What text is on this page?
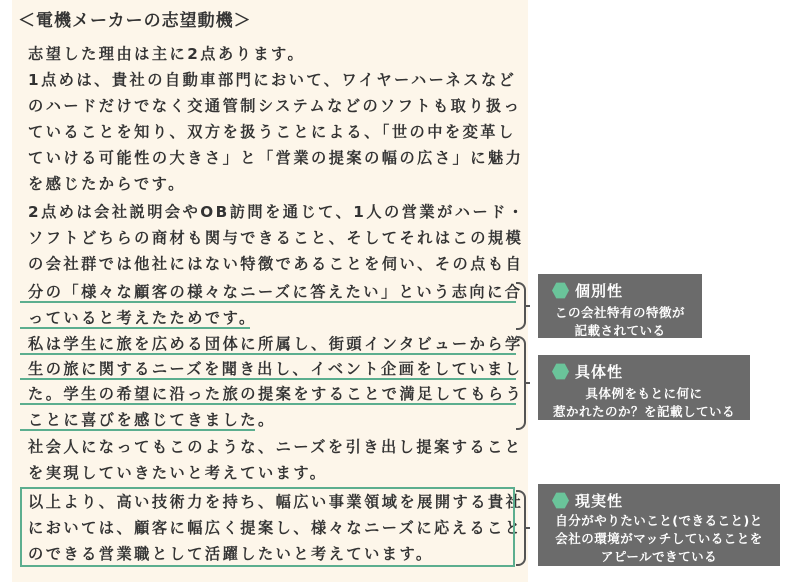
＜電機メーカーの志望動機＞
志望した理由は主に2点あります。
1点めは、貴社の自動車部門において、ワイヤーハーネスなど
のハードだけでなく交通管制システムなどのソフトも取り扱っ
ていることを知り、双方を扱うことによる、「世の中を変革し
ていける可能性の大きさ」と「営業の提案の幅の広さ」に魅力
を感じたからです。
2点めは会社説明会やOB訪問を通じて、1人の営業がハード・
ソフトどちらの商材も関与できること、そしてそれはこの規模
の会社群では他社にはない特徴であることを伺い、その点も自
分の「様々な顧客の様々なニーズに答えたい」という志向に合
っていると考えたためです。
私は学生に旅を広める団体に所属し、街頭インタビューから学
生の旅に関するニーズを聞き出し、イベント企画をしていまし
た。学生の希望に沿った旅の提案をすることで満足してもらう
ことに喜びを感じてきました。
社会人になってもこのような、ニーズを引き出し提案すること
を実現していきたいと考えています。
以上より、高い技術力を持ち、幅広い事業領域を展開する貴社
においては、顧客に幅広く提案し、様々なニーズに応えること
のできる営業職として活躍したいと考えています。
個別性
この会社特有の特徴が
記載されている
具体性
具体例をもとに何に
惹かれたのか？を記載している
現実性
自分がやりたいこと(できること)と
会社の環境がマッチしていることを
アピールできている
